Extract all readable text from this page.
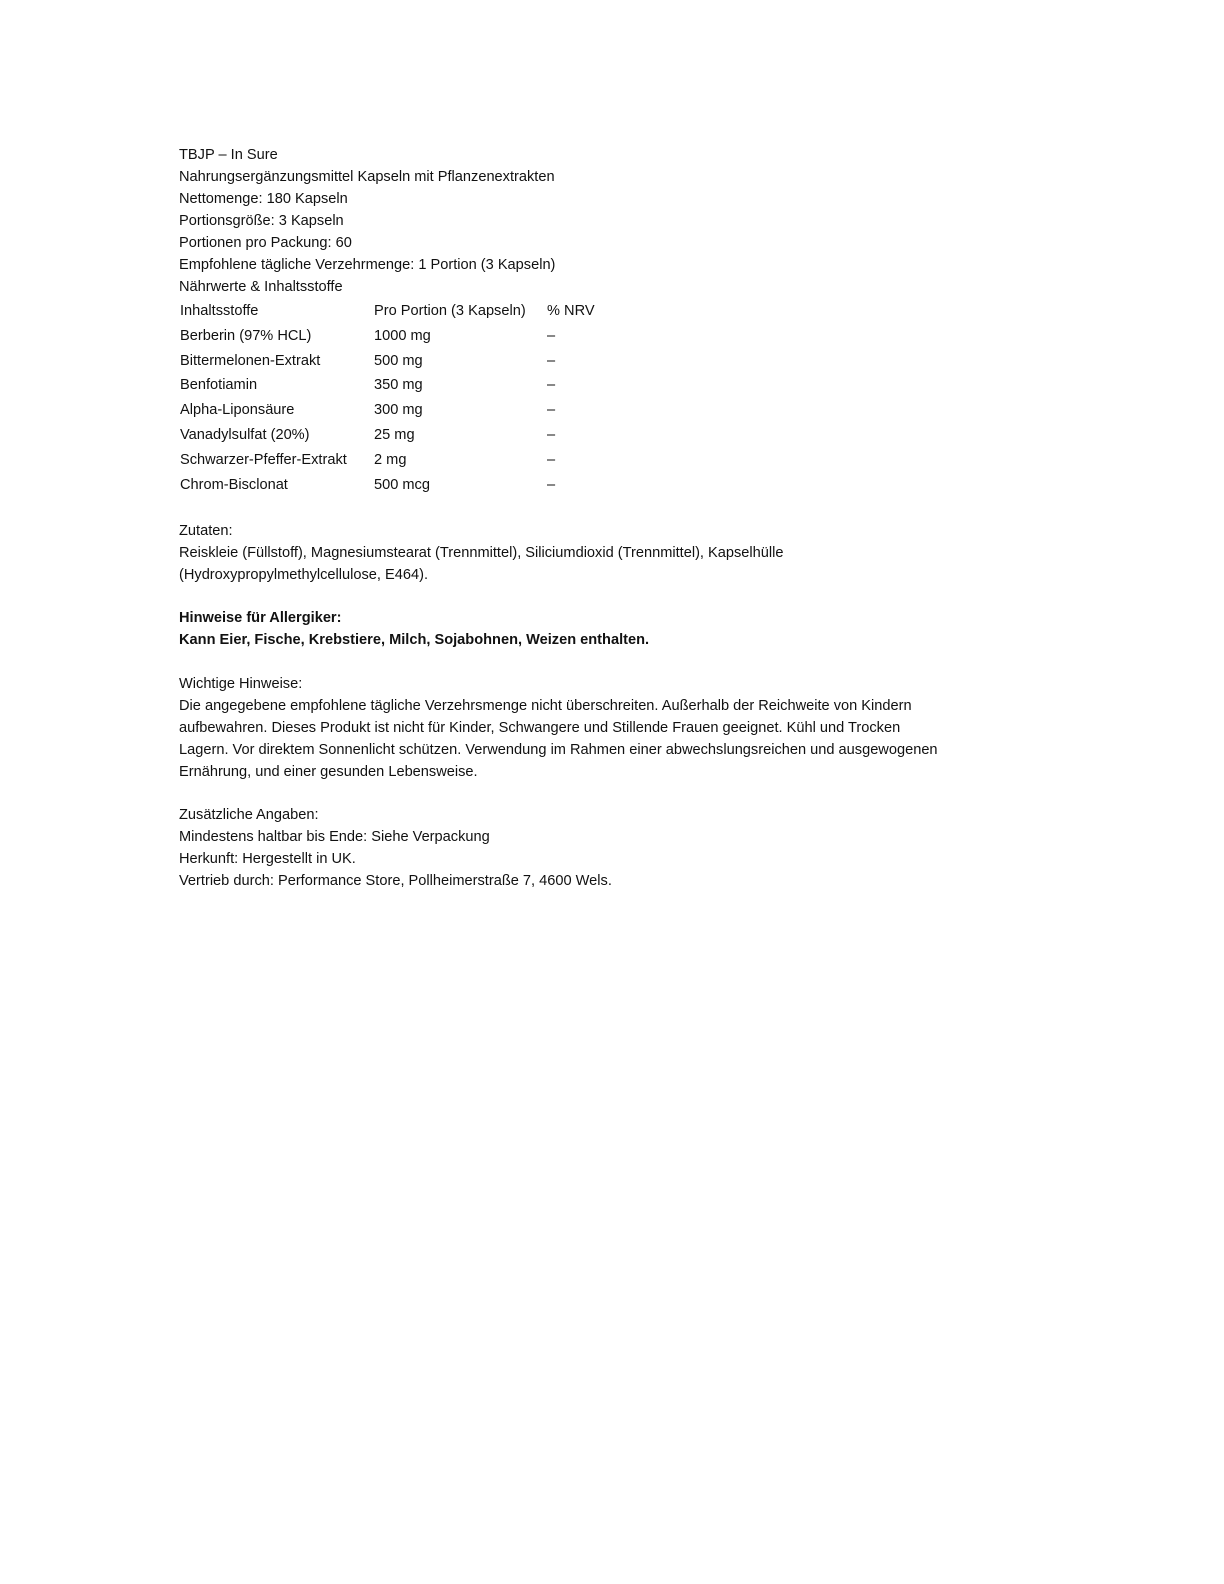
TBJP – In Sure
Nahrungsergänzungsmittel Kapseln mit Pflanzenextrakten
Nettomenge: 180 Kapseln
Portionsgröße: 3 Kapseln
Portionen pro Packung: 60
Empfohlene tägliche Verzehrmenge: 1 Portion (3 Kapseln)
Nährwerte & Inhaltsstoffe
Inhaltsstoffe	Pro Portion (3 Kapseln)	% NRV
Berberin (97% HCL)	1000 mg	–
Bittermelonen-Extrakt	500 mg	–
Benfotiamin	350 mg	–
Alpha-Liponsäure	300 mg	–
Vanadylsulfat (20%)	25 mg	–
Schwarzer-Pfeffer-Extrakt	2 mg	–
Chrom-Bisclonat	500 mcg	–
Zutaten:
Reiskleie (Füllstoff), Magnesiumstearat (Trennmittel), Siliciumdioxid (Trennmittel), Kapselhülle
(Hydroxypropylmethylcellulose, E464).
Hinweise für Allergiker:
Kann Eier, Fische, Krebstiere, Milch, Sojabohnen, Weizen enthalten.
Wichtige Hinweise:
Die angegebene empfohlene tägliche Verzehrsmenge nicht überschreiten. Außerhalb der Reichweite von Kindern
aufbewahren. Dieses Produkt ist nicht für Kinder, Schwangere und Stillende Frauen geeignet. Kühl und Trocken
Lagern. Vor direktem Sonnenlicht schützen. Verwendung im Rahmen einer abwechslungsreichen und ausgewogenen
Ernährung, und einer gesunden Lebensweise.
Zusätzliche Angaben:
Mindestens haltbar bis Ende: Siehe Verpackung
Herkunft: Hergestellt in UK.
Vertrieb durch: Performance Store, Pollheimerstraße 7, 4600 Wels.
